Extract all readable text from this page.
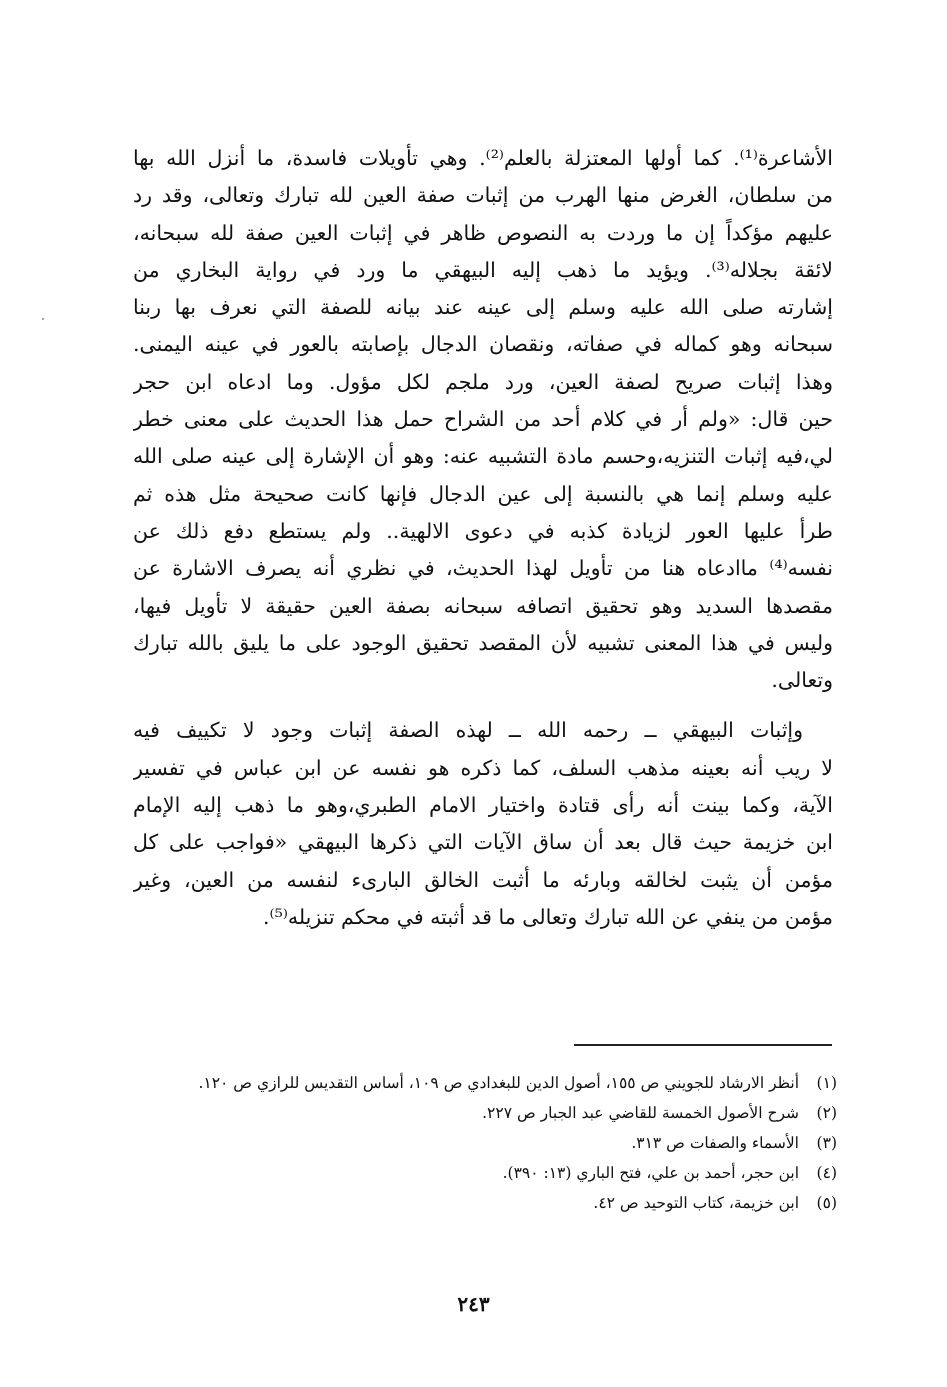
الأشاعرة⁽¹⁾. كما أولها المعتزلة بالعلم⁽²⁾. وهي تأويلات فاسدة، ما أنزل الله بها
من سلطان، الغرض منها الهرب من إثبات صفة العين لله تبارك وتعالى، وقد رد
عليهم مؤكداً إن ما وردت به النصوص ظاهر في إثبات العين صفة لله سبحانه،
لائقة بجلاله⁽³⁾. ويؤيد ما ذهب إليه البيهقي ما ورد في رواية البخاري من
إشارته صلى الله عليه وسلم إلى عينه عند بيانه للصفة التي نعرف بها ربنا
سبحانه وهو كماله في صفاته، ونقصان الدجال بإصابته بالعور في عينه اليمنى.
وهذا إثبات صريح لصفة العين، ورد ملجم لكل مؤول. وما ادعاه ابن حجر
حين قال: «ولم أر في كلام أحد من الشراح حمل هذا الحديث على معنى خطر
لي،فيه إثبات التنزيه،وحسم مادة التشبيه عنه: وهو أن الإشارة إلى عينه صلى الله
عليه وسلم إنما هي بالنسبة إلى عين الدجال فإنها كانت صحيحة مثل هذه ثم
طرأ عليها العور لزيادة كذبه في دعوى الالهية.. ولم يستطع دفع ذلك عن
نفسه⁽⁴⁾ ماادعاه هنا من تأويل لهذا الحديث، في نظري أنه يصرف الاشارة عن
مقصدها السديد وهو تحقيق اتصافه سبحانه بصفة العين حقيقة لا تأويل فيها،
وليس في هذا المعنى تشبيه لأن المقصد تحقيق الوجود على ما يليق بالله تبارك
وتعالى.
وإثبات البيهقي ــ رحمه الله ــ لهذه الصفة إثبات وجود لا تكييف فيه
لا ريب أنه بعينه مذهب السلف، كما ذكره هو نفسه عن ابن عباس في تفسير
الآية، وكما بينت أنه رأى قتادة واختيار الامام الطبري،وهو ما ذهب إليه الإمام
ابن خزيمة حيث قال بعد أن ساق الآيات التي ذكرها البيهقي «فواجب على كل
مؤمن أن يثبت لخالقه وبارئه ما أثبت الخالق البارىء لنفسه من العين، وغير
مؤمن من ينفي عن الله تبارك وتعالى ما قد أثبته في محكم تنزيله⁽⁵⁾.
(١)
أنظر الارشاد للجويني ص ١٥٥، أصول الدين للبغدادي ص ١٠٩، أساس التقديس للرازي ص ١٢٠.
(٢)
شرح الأصول الخمسة للقاضي عبد الجبار ص ٢٢٧.
(٣)
الأسماء والصفات ص ٣١٣.
(٤)
ابن حجر، أحمد بن علي، فتح الباري (١٣: ٣٩٠).
(٥)
ابن خزيمة، كتاب التوحيد ص ٤٢.
٢٤٣
